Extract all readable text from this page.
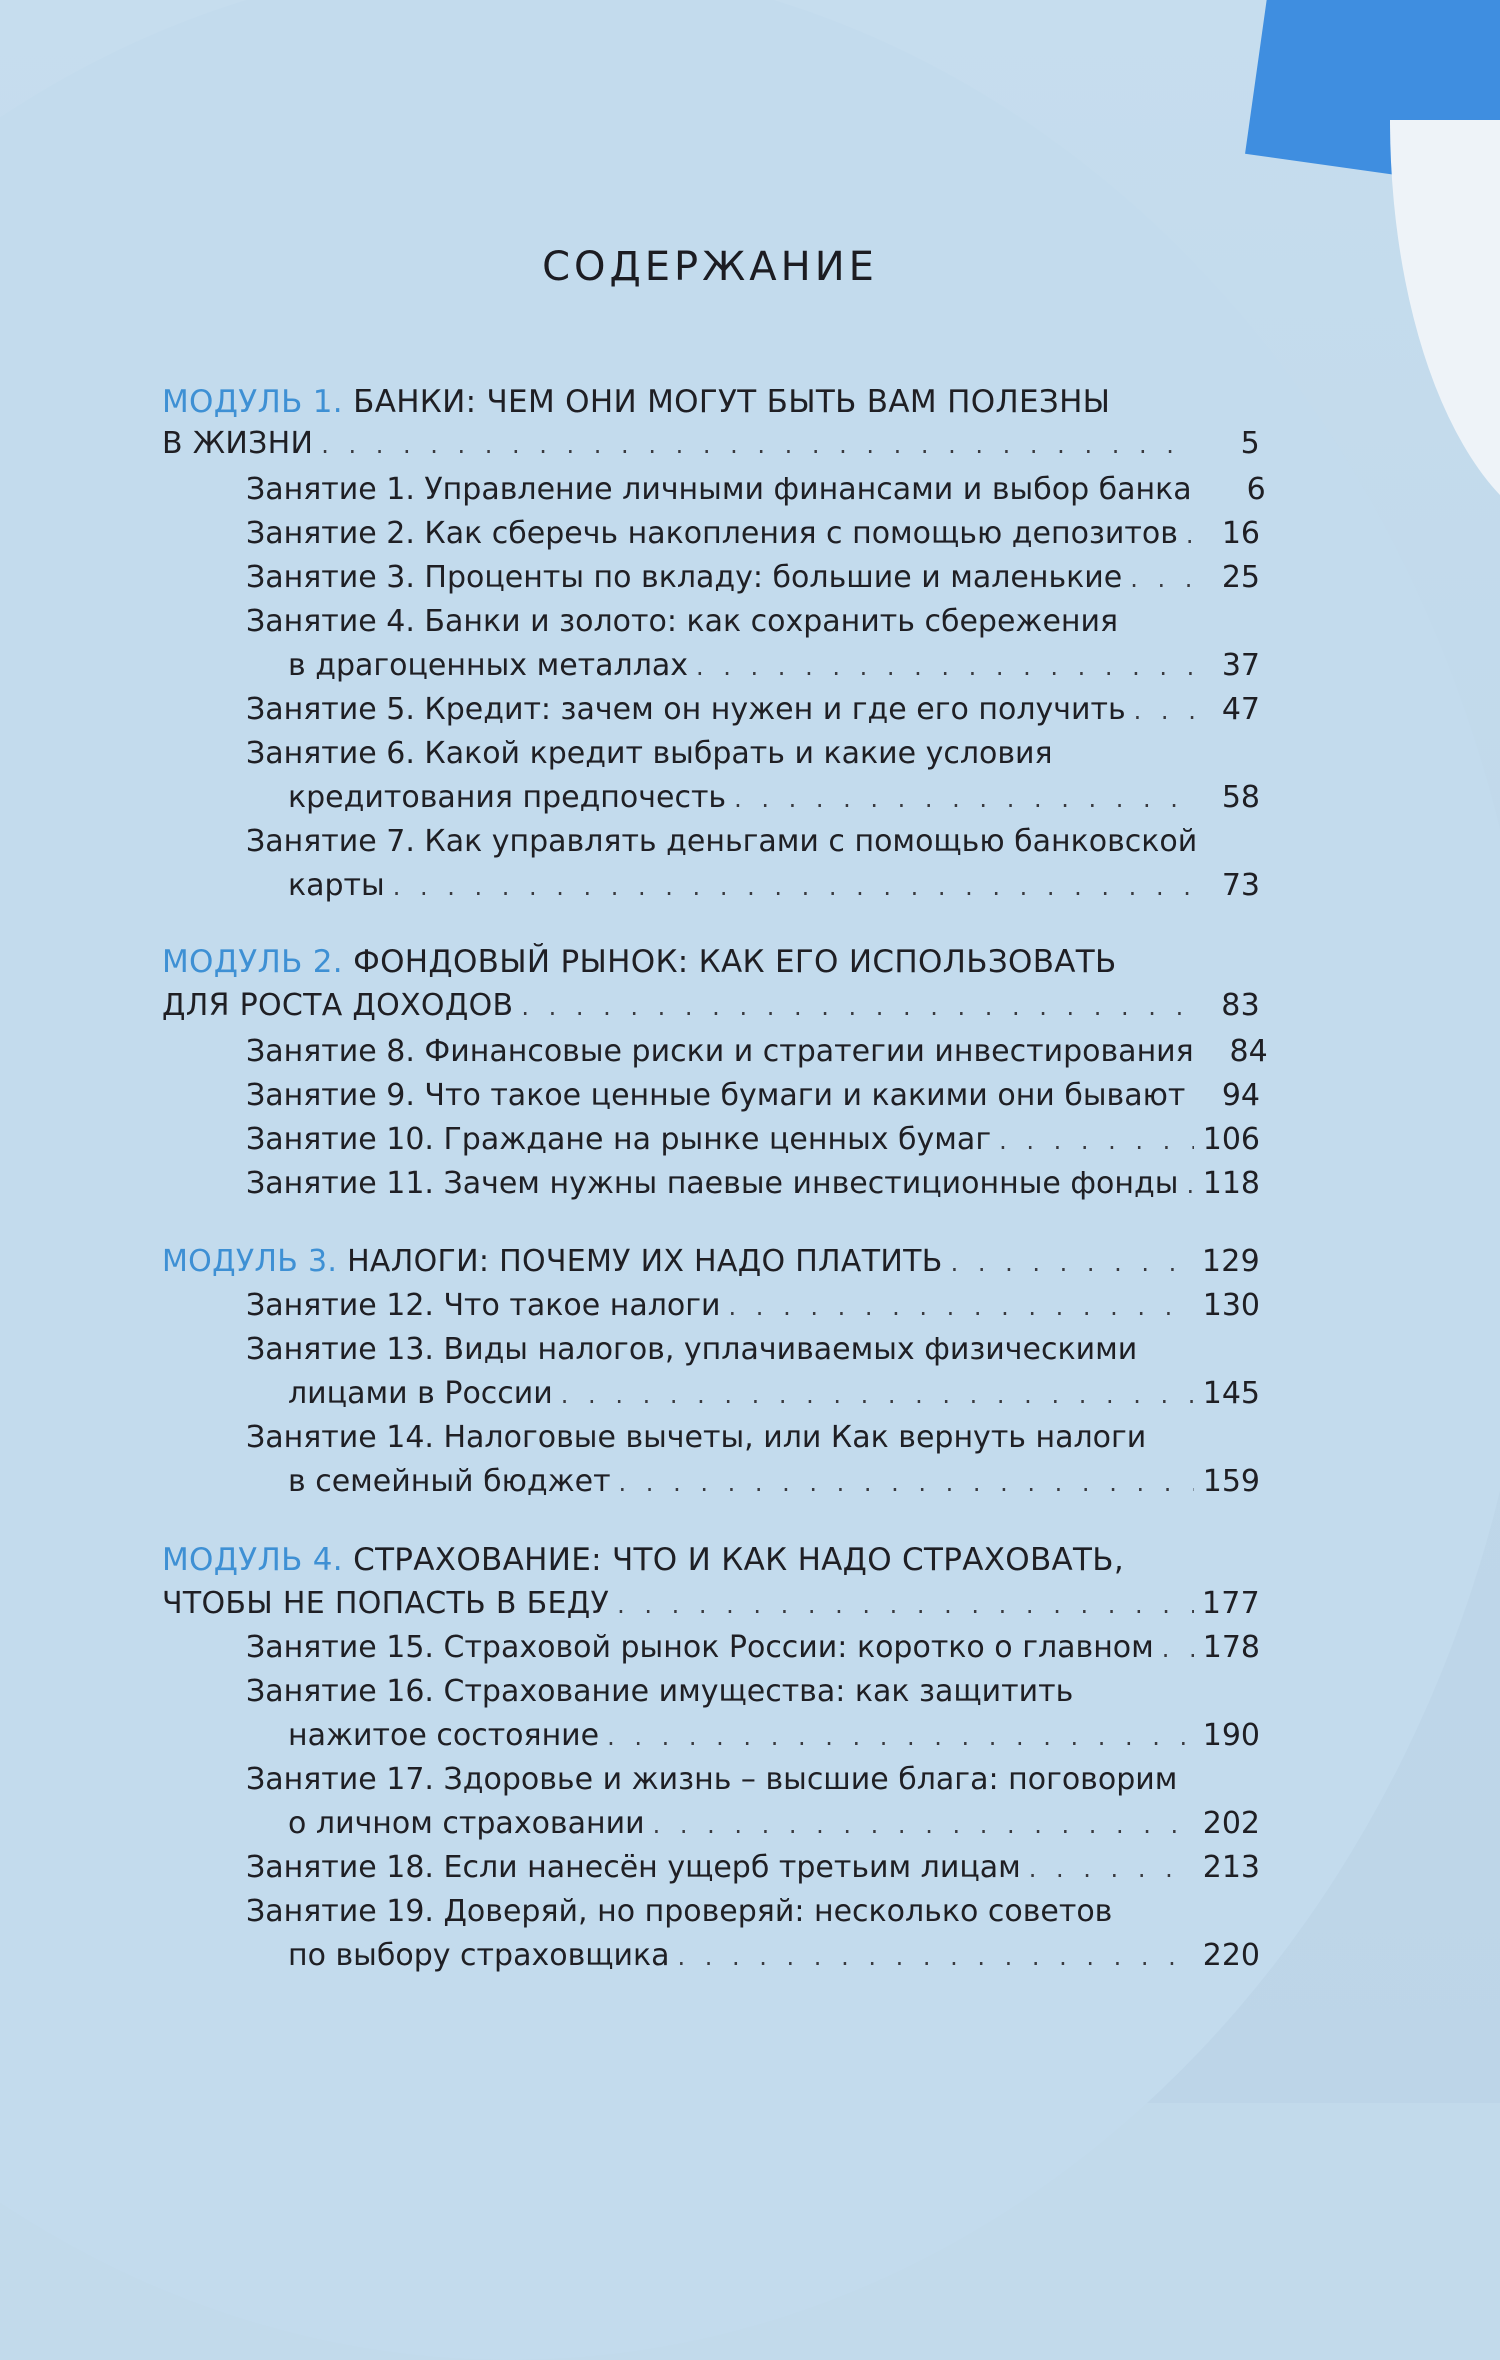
СОДЕРЖАНИЕ
МОДУЛЬ 1. БАНКИ: ЧЕМ ОНИ МОГУТ БЫТЬ ВАМ ПОЛЕЗНЫ
В ЖИЗНИ . . .	5
Занятие 1. Управление личными финансами и выбор банка	6
Занятие 2. Как сберечь накопления с помощью депозитов . . .	16
Занятие 3. Проценты по вкладу: большие и маленькие . . .	25
Занятие 4. Банки и золото: как сохранить сбережения
в драгоценных металлах . . .	37
Занятие 5. Кредит: зачем он нужен и где его получить . . .	47
Занятие 6. Какой кредит выбрать и какие условия
кредитования предпочесть . . .	58
Занятие 7. Как управлять деньгами с помощью банковской
карты . . .	73
МОДУЛЬ 2. ФОНДОВЫЙ РЫНОК: КАК ЕГО ИСПОЛЬЗОВАТЬ
ДЛЯ РОСТА ДОХОДОВ . . .	83
Занятие 8. Финансовые риски и стратегии инвестирования	84
Занятие 9. Что такое ценные бумаги и какими они бывают . . .	94
Занятие 10. Граждане на рынке ценных бумаг . . .	106
Занятие 11. Зачем нужны паевые инвестиционные фонды . . . 118
МОДУЛЬ 3. НАЛОГИ: ПОЧЕМУ ИХ НАДО ПЛАТИТЬ . . .	129
Занятие 12. Что такое налоги . . .	130
Занятие 13. Виды налогов, уплачиваемых физическими
лицами в России . . .	145
Занятие 14. Налоговые вычеты, или Как вернуть налоги
в семейный бюджет . . .	159
МОДУЛЬ 4. СТРАХОВАНИЕ: ЧТО И КАК НАДО СТРАХОВАТЬ,
ЧТОБЫ НЕ ПОПАСТЬ В БЕДУ . . .	177
Занятие 15. Страховой рынок России: коротко о главном . . . 178
Занятие 16. Страхование имущества: как защитить
нажитое состояние . . .	190
Занятие 17. Здоровье и жизнь – высшие блага: поговорим
о личном страховании . . .	202
Занятие 18. Если нанесён ущерб третьим лицам . . .	213
Занятие 19. Доверяй, но проверяй: несколько советов
по выбору страховщика . . .	220
